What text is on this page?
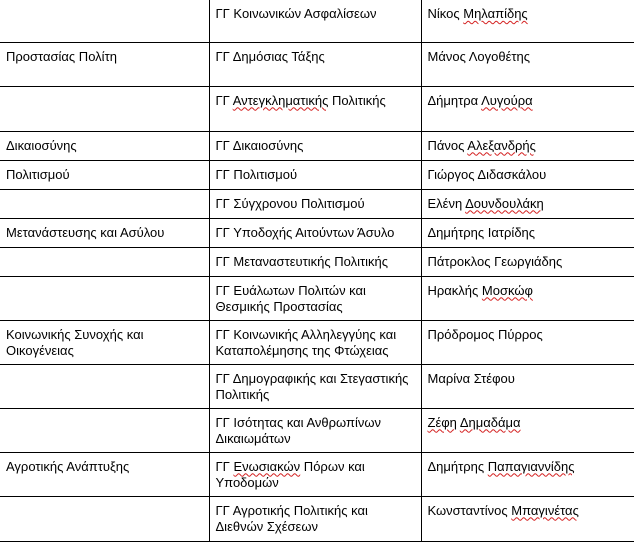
	ΓΓ Κοινωνικών Ασφαλίσεων	Νίκος Μηλαπίδης
Προστασίας Πολίτη	ΓΓ Δημόσιας Τάξης	Μάνος Λογοθέτης
	ΓΓ Αντεγκληματικής Πολιτικής	Δήμητρα Λυγούρα
Δικαιοσύνης	ΓΓ Δικαιοσύνης	Πάνος Αλεξανδρής
Πολιτισμού	ΓΓ Πολιτισμού	Γιώργος Διδασκάλου
	ΓΓ Σύγχρονου Πολιτισμού	Ελένη Δουνδουλάκη
Μετανάστευσης και Ασύλου	ΓΓ Υποδοχής Αιτούντων Άσυλο	Δημήτρης Ιατρίδης
	ΓΓ Μεταναστευτικής Πολιτικής	Πάτροκλος Γεωργιάδης
	ΓΓ Ευάλωτων Πολιτών και Θεσμικής Προστασίας	Ηρακλής Μοσκώφ
Κοινωνικής Συνοχής και Οικογένειας	ΓΓ Κοινωνικής Αλληλεγγύης και Καταπολέμησης της Φτώχειας	Πρόδρομος Πύρρος
	ΓΓ Δημογραφικής και Στεγαστικής Πολιτικής	Μαρίνα Στέφου
	ΓΓ Ισότητας και Ανθρωπίνων Δικαιωμάτων	Ζέφη Δημαδάμα
Αγροτικής Ανάπτυξης	ΓΓ Ενωσιακών Πόρων και Υποδομών	Δημήτρης Παπαγιαννίδης
	ΓΓ Αγροτικής Πολιτικής και Διεθνών Σχέσεων	Κωνσταντίνος Μπαγινέτας
